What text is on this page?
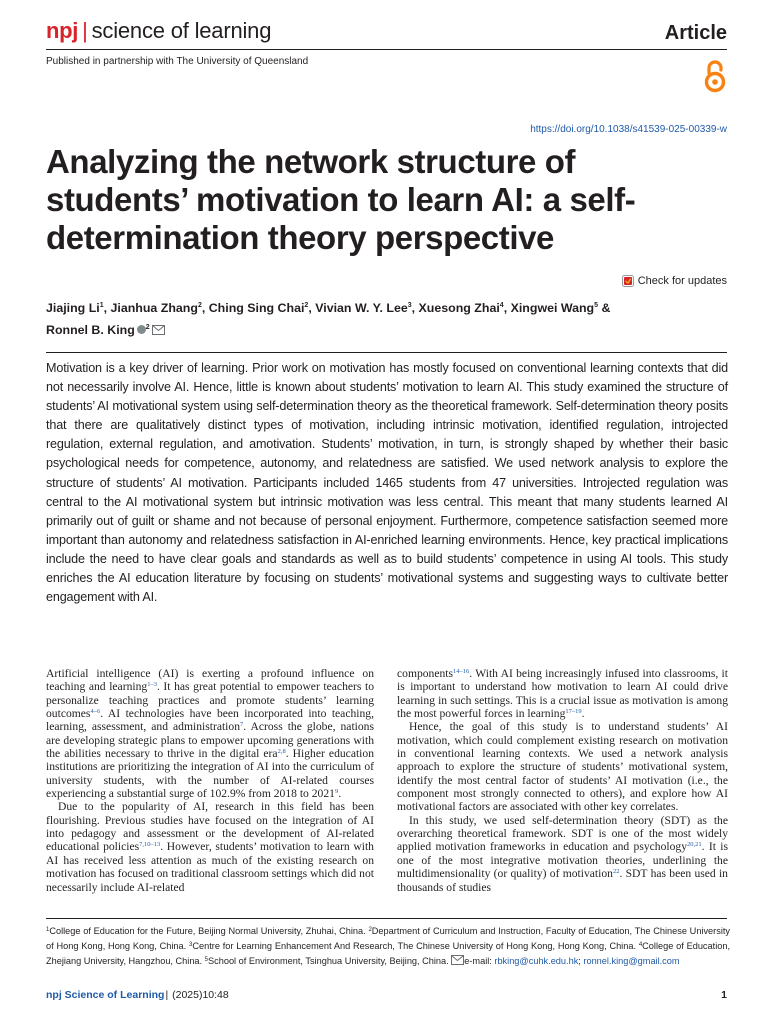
npj | science of learning	Article
Published in partnership with The University of Queensland
https://doi.org/10.1038/s41539-025-00339-w
Analyzing the network structure of students’ motivation to learn AI: a self-determination theory perspective
Check for updates
Jiajing Li$^1$, Jianhua Zhang$^2$, Ching Sing Chai$^2$, Vivian W. Y. Lee$^3$, Xuesong Zhai$^4$, Xingwei Wang$^5$ &
Ronnel B. King $^2$

Motivation is a key driver of learning. Prior work on motivation has mostly focused on conventional learning contexts that did not necessarily involve AI. Hence, little is known about students’ motivation to learn AI. This study examined the structure of students’ AI motivational system using self-determination theory as the theoretical framework. Self-determination theory posits that there are qualitatively distinct types of motivation, including intrinsic motivation, identified regulation, introjected regulation, external regulation, and amotivation. Students’ motivation, in turn, is strongly shaped by whether their basic psychological needs for competence, autonomy, and relatedness are satisfied. We used network analysis to explore the structure of students’ AI motivation. Participants included 1465 students from 47 universities. Introjected regulation was central to the AI motivational system but intrinsic motivation was less central. This meant that many students learned AI primarily out of guilt or shame and not because of personal enjoyment. Furthermore, competence satisfaction seemed more important than autonomy and relatedness satisfaction in AI-enriched learning environments. Hence, key practical implications include the need to have clear goals and standards as well as to build students’ competence in using AI tools. This study enriches the AI education literature by focusing on students’ motivational systems and suggesting ways to cultivate better engagement with AI.

Artificial intelligence (AI) is exerting a profound influence on teaching and learning$^{1-3}$. It has great potential to empower teachers to personalize teaching practices and promote students’ learning outcomes$^{4-6}$. AI technologies have been incorporated into teaching, learning, assessment, and administration$^7$. Across the globe, nations are developing strategic plans to empower upcoming generations with the abilities necessary to thrive in the digital era$^{2,8}$. Higher education institutions are prioritizing the integration of AI into the curriculum of university students, with the number of AI-related courses experiencing a substantial surge of 102.9% from 2018 to 2021$^9$.

Due to the popularity of AI, research in this field has been flourishing. Previous studies have focused on the integration of AI into pedagogy and assessment or the development of AI-related educational policies$^{7,10-13}$. However, students’ motivation to learn with AI has received less attention as much of the existing research on motivation has focused on traditional classroom settings which did not necessarily include AI-related

components$^{14-16}$. With AI being increasingly infused into classrooms, it is important to understand how motivation to learn AI could drive learning in such settings. This is a crucial issue as motivation is among the most powerful forces in learning$^{17-19}$.

Hence, the goal of this study is to understand students’ AI motivation, which could complement existing research on motivation in conventional learning contexts. We used a network analysis approach to explore the structure of students’ motivational system, identify the most central factor of students’ AI motivation (i.e., the component most strongly connected to others), and explore how AI motivational factors are associated with other key correlates.

In this study, we used self-determination theory (SDT) as the overarching theoretical framework. SDT is one of the most widely applied motivation frameworks in education and psychology$^{20,21}$. It is one of the most integrative motivation theories, underlining the multidimensionality (or quality) of motivation$^{22}$. SDT has been used in thousands of studies

$^1$College of Education for the Future, Beijing Normal University, Zhuhai, China. $^2$Department of Curriculum and Instruction, Faculty of Education, The Chinese University of Hong Kong, Hong Kong, China. $^3$Centre for Learning Enhancement And Research, The Chinese University of Hong Kong, Hong Kong, China. $^4$College of Education, Zhejiang University, Hangzhou, China. $^5$School of Environment, Tsinghua University, Beijing, China. e-mail: rbking@cuhk.edu.hk; ronnel.king@gmail.com
npj Science of Learning| (2025)10:48	1
